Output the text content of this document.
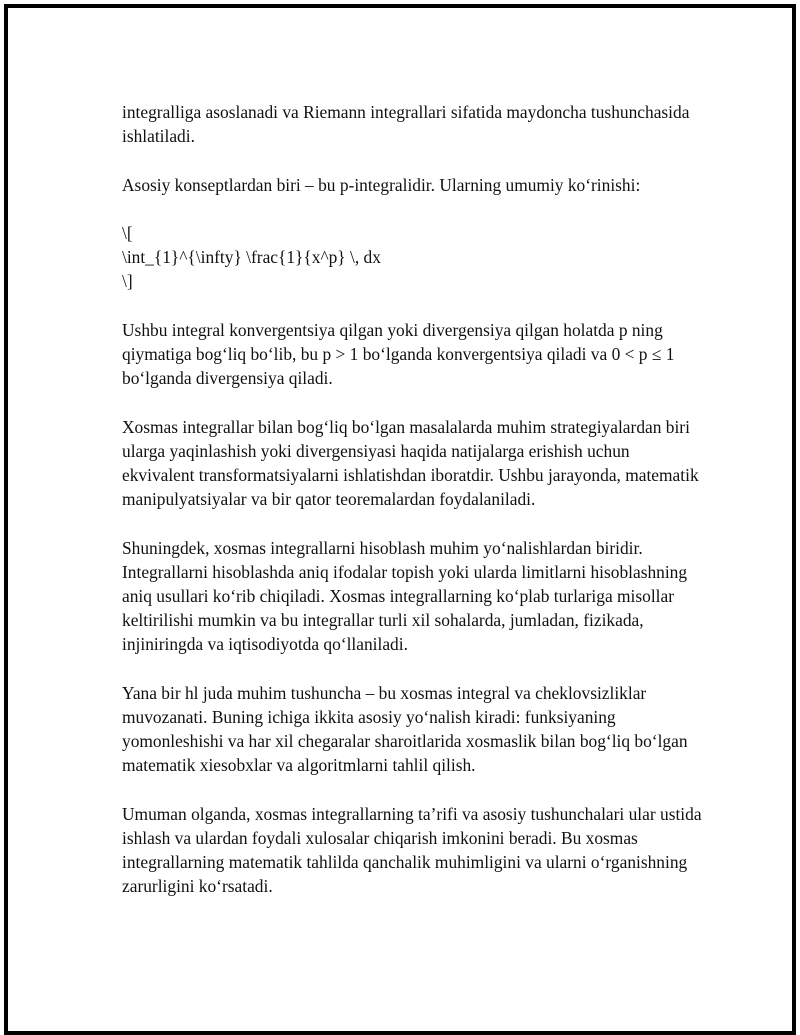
integralliga asoslanadi va Riemann integrallari sifatida maydoncha tushunchasida ishlatiladi.

Asosiy konseptlardan biri – bu p-integralidir. Ularning umumiy koʻrinishi:

\[
\int_{1}^{\infty} \frac{1}{x^p} \, dx
\]

Ushbu integral konvergentsiya qilgan yoki divergensiya qilgan holatda p ning qiymatiga bogʻliq boʻlib, bu p > 1 boʻlganda konvergentsiya qiladi va 0 < p ≤ 1 boʻlganda divergensiya qiladi.

Xosmas integrallar bilan bogʻliq boʻlgan masalalarda muhim strategiyalardan biri ularga yaqinlashish yoki divergensiyasi haqida natijalarga erishish uchun ekvivalent transformatsiyalarni ishlatishdan iboratdir. Ushbu jarayonda, matematik manipulyatsiyalar va bir qator teoremalardan foydalaniladi.

Shuningdek, xosmas integrallarni hisoblash muhim yoʻnalishlardan biridir. Integrallarni hisoblashda aniq ifodalar topish yoki ularda limitlarni hisoblashning aniq usullari koʻrib chiqiladi. Xosmas integrallarning koʻplab turlariga misollar keltirilishi mumkin va bu integrallar turli xil sohalarda, jumladan, fizikada, injiniringda va iqtisodiyotda qoʻllaniladi.

Yana bir hl juda muhim tushuncha – bu xosmas integral va cheklovsizliklar muvozanati. Buning ichiga ikkita asosiy yoʻnalish kiradi: funksiyaning yomonleshishi va har xil chegaralar sharoitlarida xosmaslik bilan bogʻliq boʻlgan matematik xiesobxlar va algoritmlarni tahlil qilish.

Umuman olganda, xosmas integrallarning taʼrifi va asosiy tushunchalari ular ustida ishlash va ulardan foydali xulosalar chiqarish imkonini beradi. Bu xosmas integrallarning matematik tahlilda qanchalik muhimligini va ularni oʻrganishning zarurligini koʻrsatadi.
